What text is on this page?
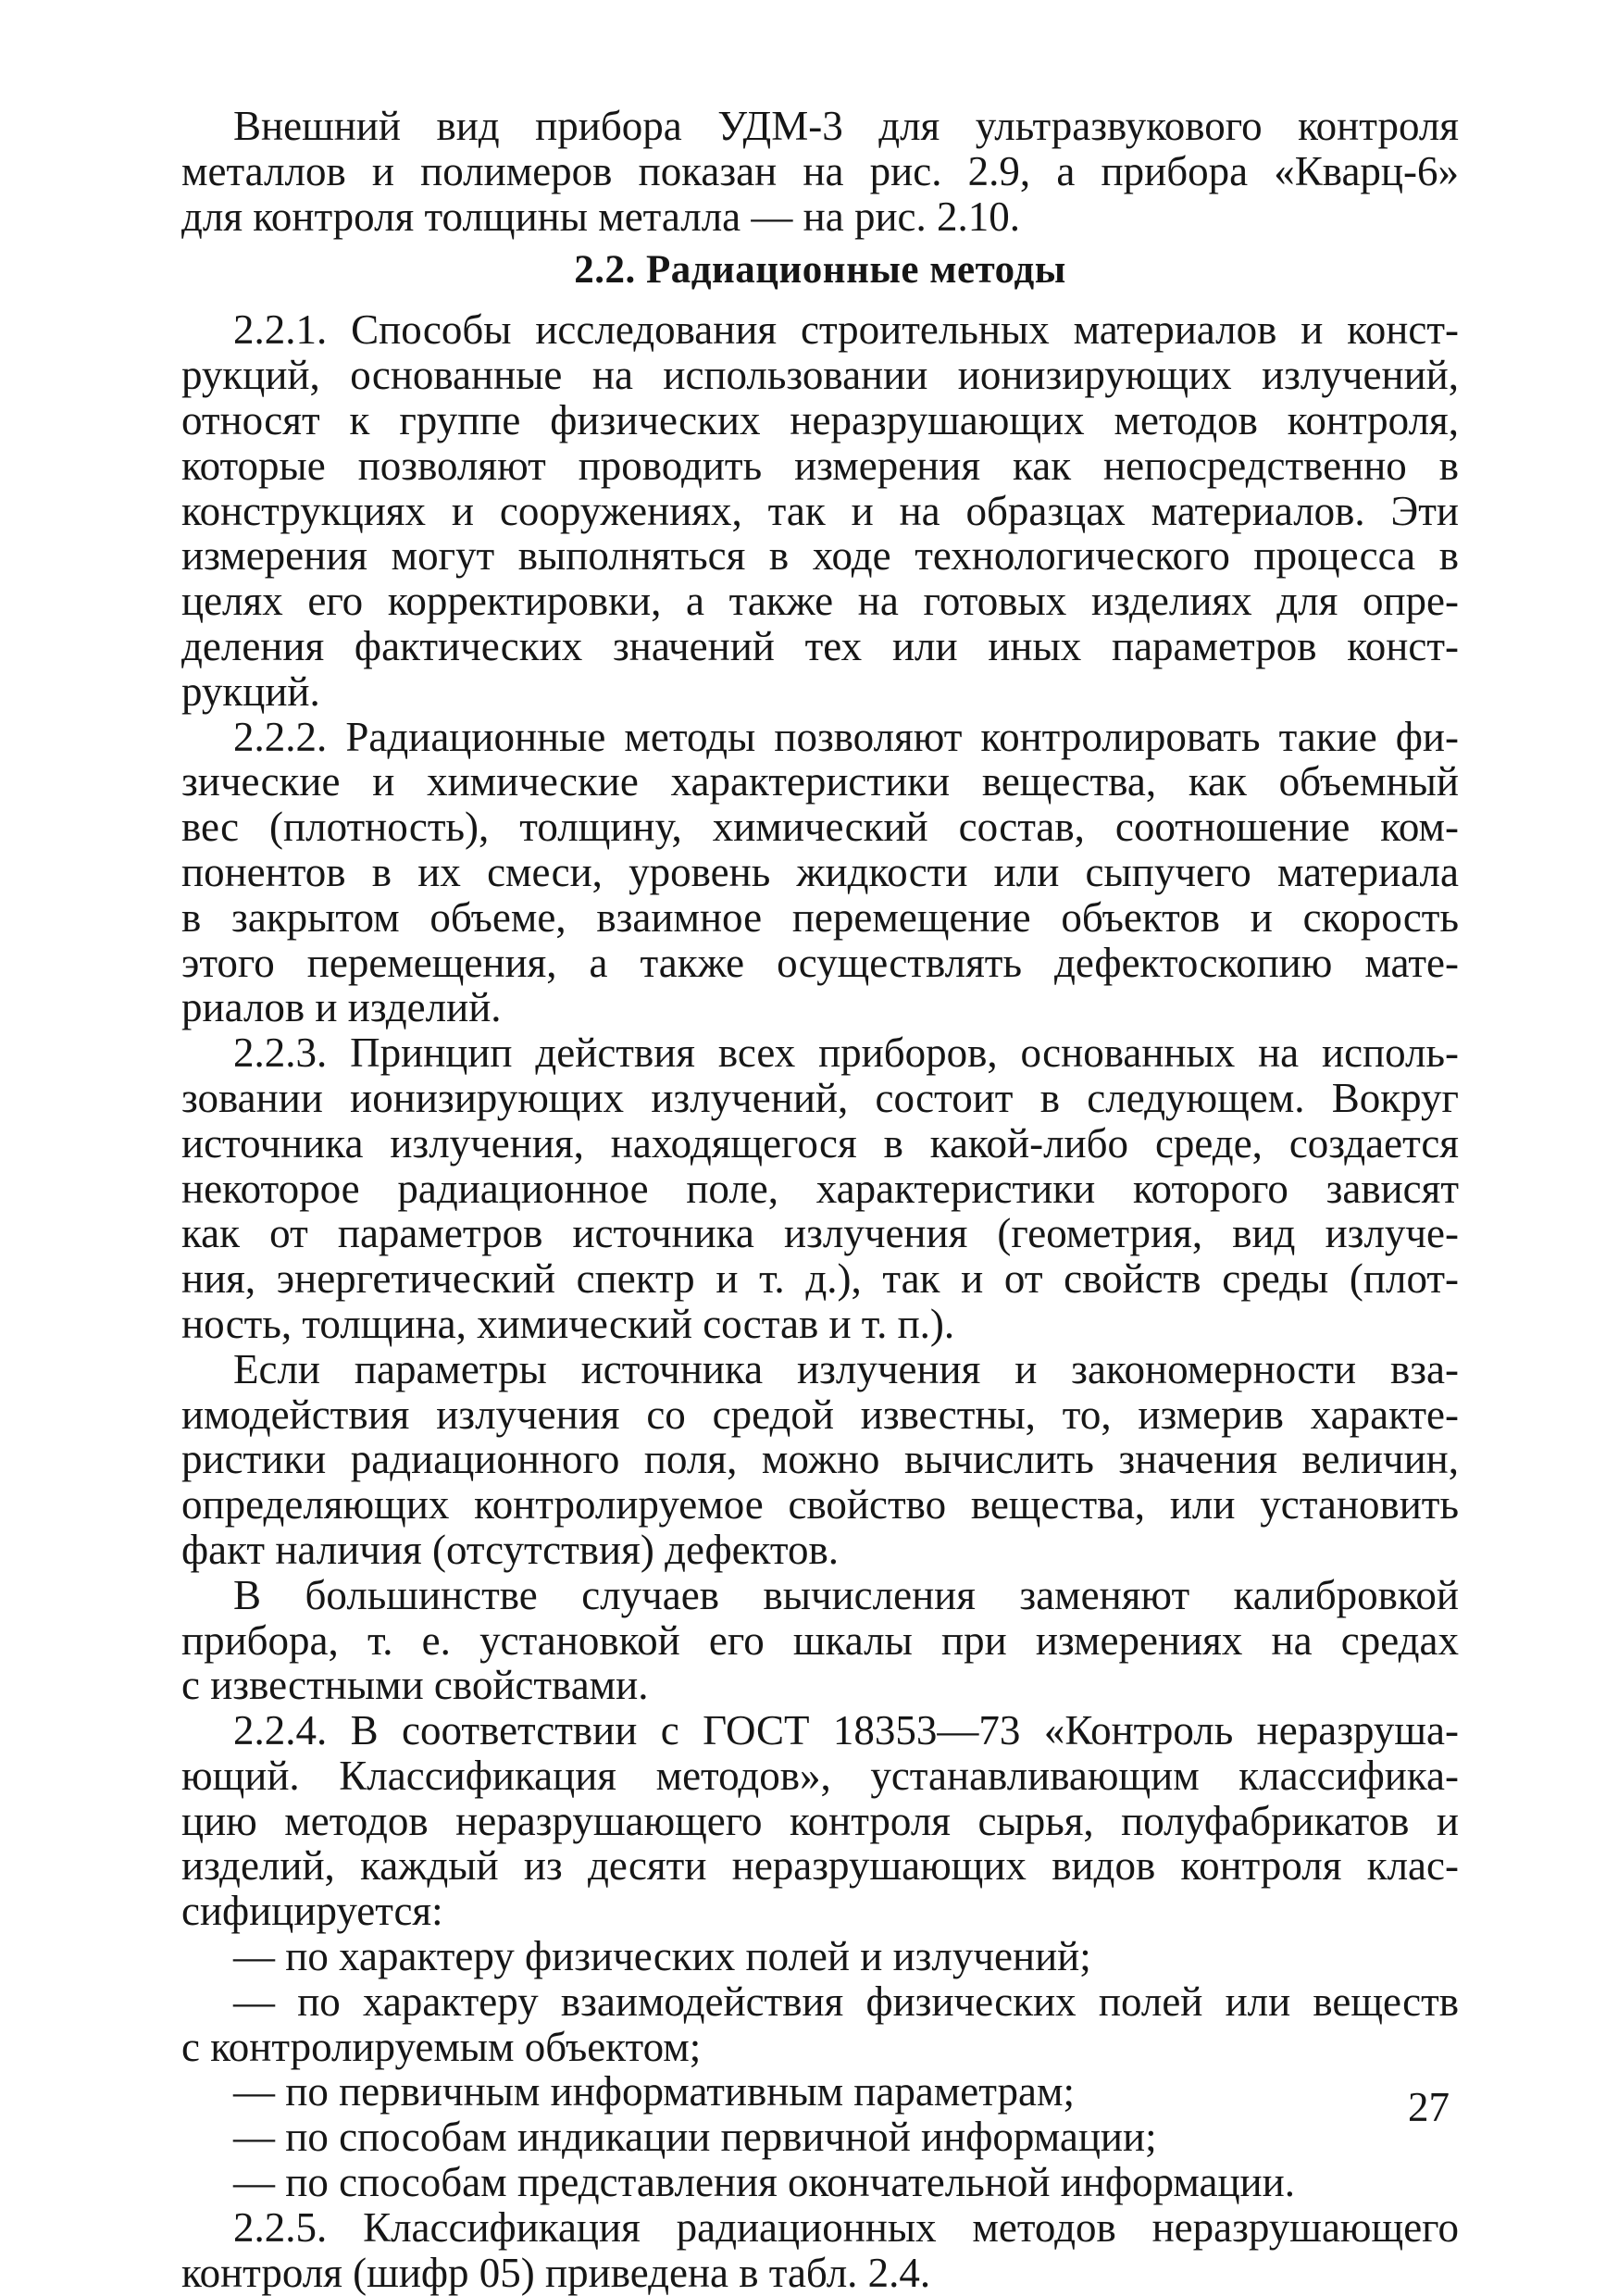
Внешний вид прибора УДМ-3 для ультразвукового контроля
металлов и полимеров показан на рис. 2.9, а прибора «Кварц-6»
для контроля толщины металла — на рис. 2.10.
2.2. Радиационные методы
2.2.1. Способы исследования строительных материалов и конст-
рукций, основанные на использовании ионизирующих излучений,
относят к группе физических неразрушающих методов контроля,
которые позволяют проводить измерения как непосредственно в
конструкциях и сооружениях, так и на образцах материалов. Эти
измерения могут выполняться в ходе технологического процесса в
целях его корректировки, а также на готовых изделиях для опре-
деления фактических значений тех или иных параметров конст-
рукций.
2.2.2. Радиационные методы позволяют контролировать такие фи-
зические и химические характеристики вещества, как объемный
вес (плотность), толщину, химический состав, соотношение ком-
понентов в их смеси, уровень жидкости или сыпучего материала
в закрытом объеме, взаимное перемещение объектов и скорость
этого перемещения, а также осуществлять дефектоскопию мате-
риалов и изделий.
2.2.3. Принцип действия всех приборов, основанных на исполь-
зовании ионизирующих излучений, состоит в следующем. Вокруг
источника излучения, находящегося в какой-либо среде, создается
некоторое радиационное поле, характеристики которого зависят
как от параметров источника излучения (геометрия, вид излуче-
ния, энергетический спектр и т. д.), так и от свойств среды (плот-
ность, толщина, химический состав и т. п.).
Если параметры источника излучения и закономерности вза-
имодействия излучения со средой известны, то, измерив характе-
ристики радиационного поля, можно вычислить значения величин,
определяющих контролируемое свойство вещества, или установить
факт наличия (отсутствия) дефектов.
В большинстве случаев вычисления заменяют калибровкой
прибора, т. е. установкой его шкалы при измерениях на средах
с известными свойствами.
2.2.4. В соответствии с ГОСТ 18353—73 «Контроль неразруша-
ющий. Классификация методов», устанавливающим классифика-
цию методов неразрушающего контроля сырья, полуфабрикатов и
изделий, каждый из десяти неразрушающих видов контроля клас-
сифицируется:
— по характеру физических полей и излучений;
— по характеру взаимодействия физических полей или веществ
с контролируемым объектом;
— по первичным информативным параметрам;
— по способам индикации первичной информации;
— по способам представления окончательной информации.
2.2.5. Классификация радиационных методов неразрушающего
контроля (шифр 05) приведена в табл. 2.4.
27
